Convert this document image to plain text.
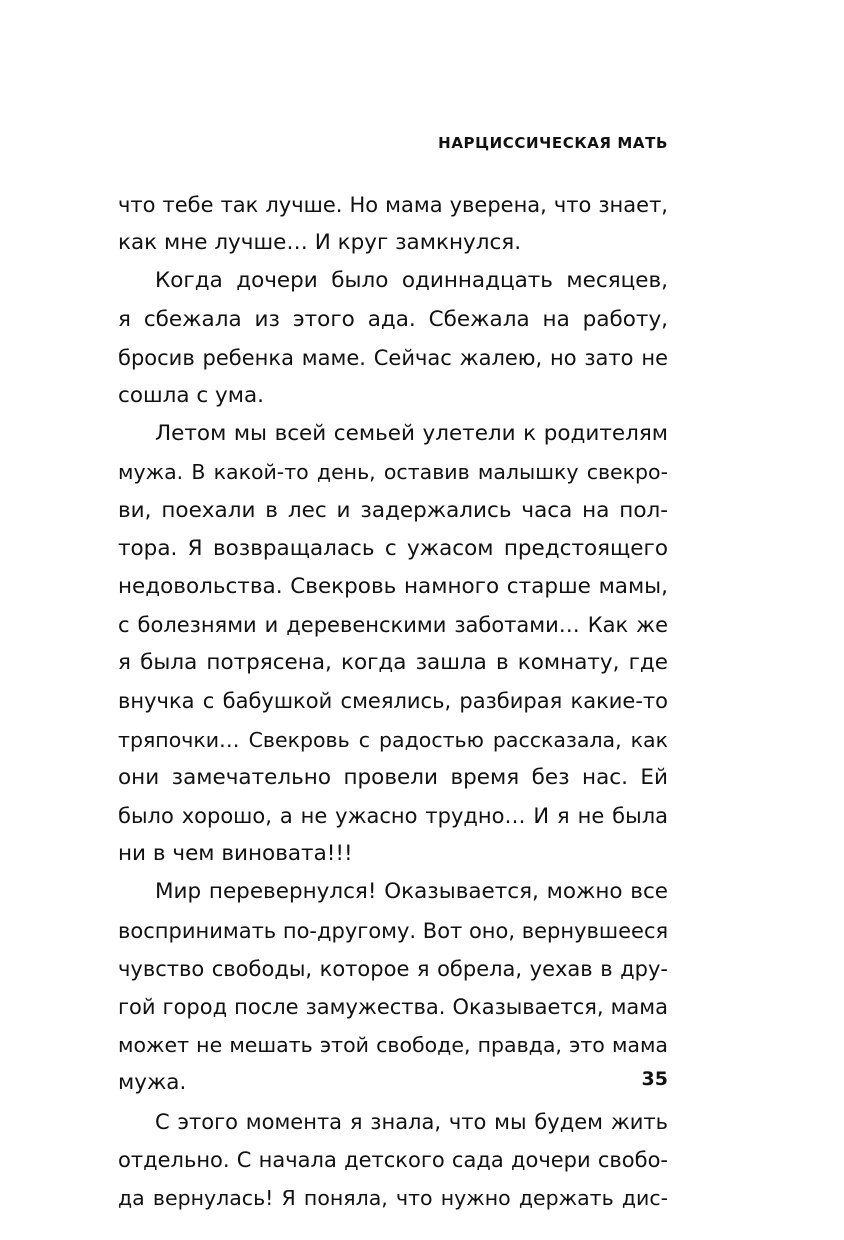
НАРЦИССИЧЕСКАЯ МАТЬ
что тебе так лучше. Но мама уверена, что знает,
как мне лучше… И круг замкнулся.
Когда дочери было одиннадцать месяцев,
я сбежала из этого ада. Сбежала на работу,
бросив ребенка маме. Сейчас жалею, но зато не
сошла с ума.
Летом мы всей семьей улетели к родителям
мужа. В какой-то день, оставив малышку свекро-
ви, поехали в лес и задержались часа на пол-
тора. Я возвращалась с ужасом предстоящего
недовольства. Свекровь намного старше мамы,
с болезнями и деревенскими заботами… Как же
я была потрясена, когда зашла в комнату, где
внучка с бабушкой смеялись, разбирая какие-то
тряпочки… Свекровь с радостью рассказала, как
они замечательно провели время без нас. Ей
было хорошо, а не ужасно трудно… И я не была
ни в чем виновата!!!
Мир перевернулся! Оказывается, можно все
воспринимать по-другому. Вот оно, вернувшееся
чувство свободы, которое я обрела, уехав в дру-
гой город после замужества. Оказывается, мама
может не мешать этой свободе, правда, это мама
мужа.
С этого момента я знала, что мы будем жить
отдельно. С начала детского сада дочери свобо-
да вернулась! Я поняла, что нужно держать дис-
35
